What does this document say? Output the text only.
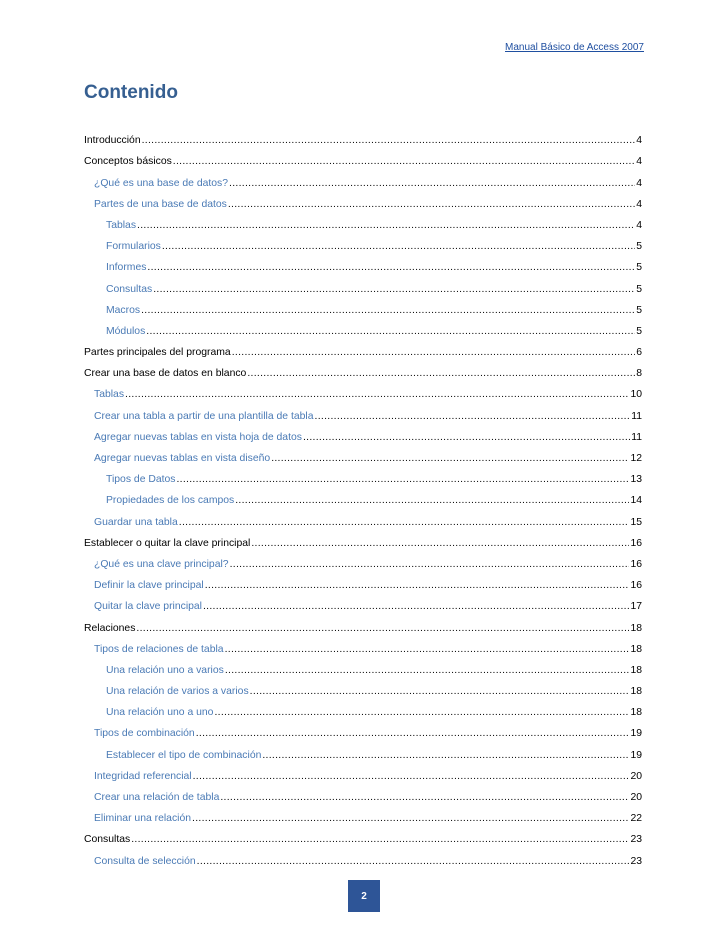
Manual Básico de Access 2007
Contenido
Introducción .....	4
Conceptos básicos .....	4
¿Qué es una base de datos? .....	4
Partes de una base de datos .....	4
Tablas .....	4
Formularios .....	5
Informes .....	5
Consultas .....	5
Macros .....	5
Módulos .....	5
Partes principales del programa .....	6
Crear una base de datos en blanco .....	8
Tablas .....	10
Crear una tabla a partir de una plantilla de tabla .....	11
Agregar nuevas tablas en vista hoja de datos .....	11
Agregar nuevas tablas en vista diseño .....	12
Tipos de Datos .....	13
Propiedades de los campos .....	14
Guardar una tabla .....	15
Establecer o quitar la clave principal .....	16
¿Qué es una clave principal? .....	16
Definir la clave principal .....	16
Quitar la clave principal .....	17
Relaciones .....	18
Tipos de relaciones de tabla .....	18
Una relación uno a varios .....	18
Una relación de varios a varios .....	18
Una relación uno a uno .....	18
Tipos de combinación .....	19
Establecer el tipo de combinación .....	19
Integridad referencial .....	20
Crear una relación de tabla .....	20
Eliminar una relación .....	22
Consultas .....	23
Consulta de selección .....	23
2
